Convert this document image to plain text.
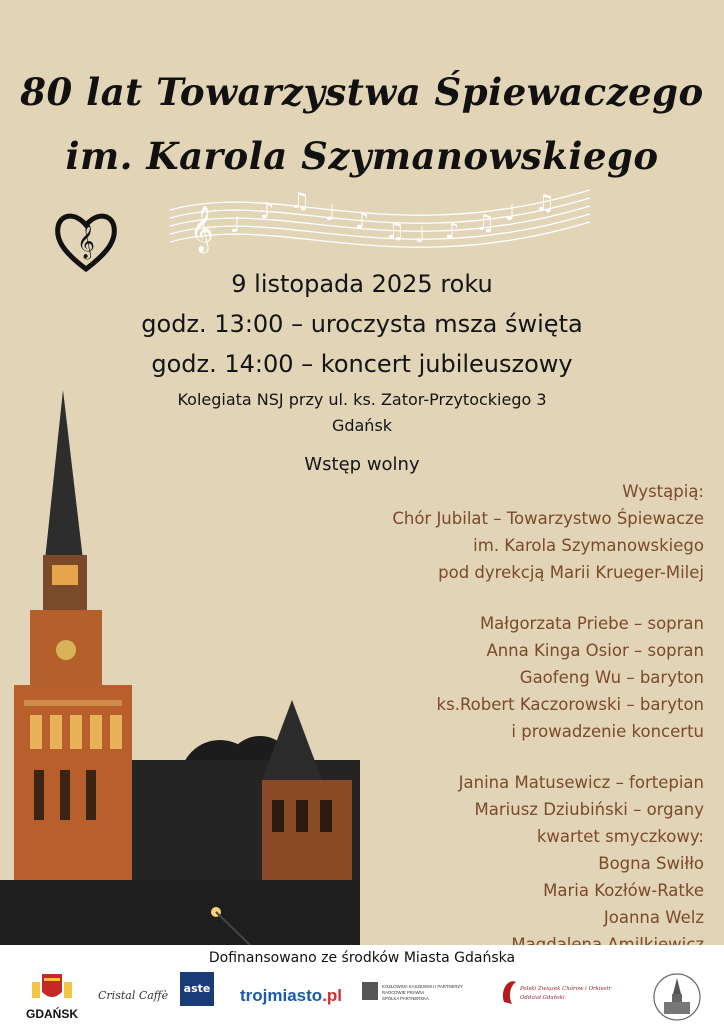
80 lat Towarzystwa Śpiewaczego
im. Karola Szymanowskiego
𝄞 𝄞 ♩
♪ ♫ ♩ ♪ ♫ ♩ ♪ ♫ ♩ ♫
9 listopada 2025 roku
godz. 13:00 – uroczysta msza święta
godz. 14:00 – koncert jubileuszowy
Kolegiata NSJ przy ul. ks. Zator-Przytockiego 3
Gdańsk
Wstęp wolny
Wystąpią:
Chór Jubilat – Towarzystwo Śpiewacze
im. Karola Szymanowskiego
pod dyrekcją Marii Krueger-Milej
Małgorzata Priebe – sopran
Anna Kinga Osior – sopran
Gaofeng Wu – baryton
ks.Robert Kaczorowski – baryton
i prowadzenie koncertu
Janina Matusewicz – fortepian
Mariusz Dziubiński – organy
kwartet smyczkowy:
Bogna Swiłło
Maria Kozłów-Ratke
Joanna Welz
Dofinansowano ze środków Miasta Gdańska
GDAŃSK
Cristal Caffè
aste trojmiasto.pl	KOZŁOWSKI KASZEWSKI I PARTNERZY
RADCOWIE PRAWNI
SPÓŁKA PARTNERSKA
Polski Związek Chórów i Orkiestr
Oddział Gdański
